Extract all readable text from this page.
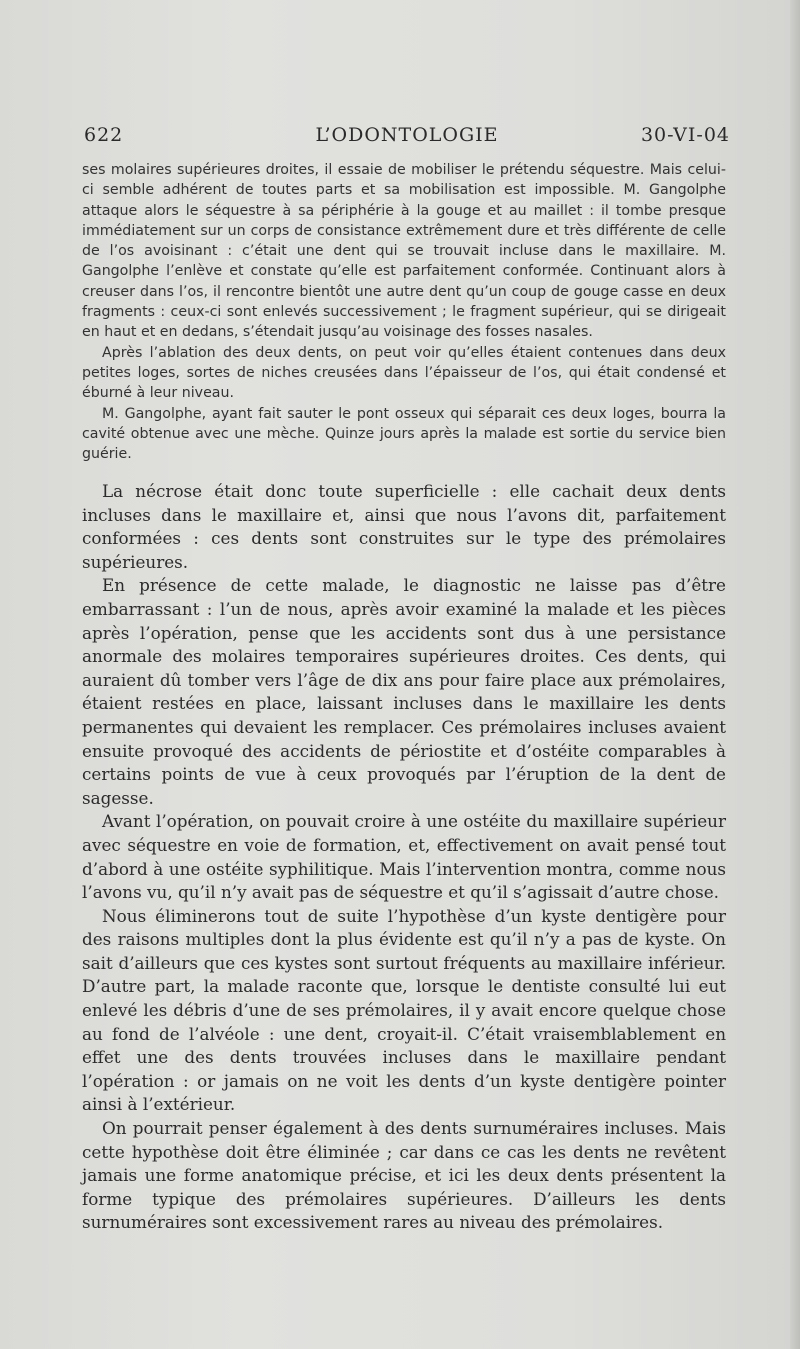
L’ODONTOLOGIE
622	30-VI-04

ses molaires supérieures droites, il essaie de mobiliser le prétendu séquestre. Mais celui-ci semble adhérent de toutes parts et sa mobilisation est impossible. M. Gangolphe attaque alors le séquestre à sa périphérie à la gouge et au maillet : il tombe presque immédiatement sur un corps de consistance extrêmement dure et très différente de celle de l’os avoisinant : c’était une dent qui se trouvait incluse dans le maxillaire. M. Gangolphe l’enlève et constate qu’elle est parfaitement conformée. Continuant alors à creuser dans l’os, il rencontre bientôt une autre dent qu’un coup de gouge casse en deux fragments : ceux-ci sont enlevés successivement ; le fragment supérieur, qui se dirigeait en haut et en dedans, s’étendait jusqu’au voisinage des fosses nasales.

Après l’ablation des deux dents, on peut voir qu’elles étaient contenues dans deux petites loges, sortes de niches creusées dans l’épaisseur de l’os, qui était condensé et éburné à leur niveau.

M. Gangolphe, ayant fait sauter le pont osseux qui séparait ces deux loges, bourra la cavité obtenue avec une mèche. Quinze jours après la malade est sortie du service bien guérie.

La nécrose était donc toute superficielle : elle cachait deux dents incluses dans le maxillaire et, ainsi que nous l’avons dit, parfaitement conformées : ces dents sont construites sur le type des prémolaires supérieures.

En présence de cette malade, le diagnostic ne laisse pas d’être embarrassant : l’un de nous, après avoir examiné la malade et les pièces après l’opération, pense que les accidents sont dus à une persistance anormale des molaires temporaires supérieures droites. Ces dents, qui auraient dû tomber vers l’âge de dix ans pour faire place aux prémolaires, étaient restées en place, laissant incluses dans le maxillaire les dents permanentes qui devaient les remplacer. Ces prémolaires incluses avaient ensuite provoqué des accidents de périostite et d’ostéite comparables à certains points de vue à ceux provoqués par l’éruption de la dent de sagesse.

Avant l’opération, on pouvait croire à une ostéite du maxillaire supérieur avec séquestre en voie de formation, et, effectivement on avait pensé tout d’abord à une ostéite syphilitique. Mais l’intervention montra, comme nous l’avons vu, qu’il n’y avait pas de séquestre et qu’il s’agissait d’autre chose.

Nous éliminerons tout de suite l’hypothèse d’un kyste dentigère pour des raisons multiples dont la plus évidente est qu’il n’y a pas de kyste. On sait d’ailleurs que ces kystes sont surtout fréquents au maxillaire inférieur. D’autre part, la malade raconte que, lorsque le dentiste consulté lui eut enlevé les débris d’une de ses prémolaires, il y avait encore quelque chose au fond de l’alvéole : une dent, croyait-il. C’était vraisemblablement en effet une des dents trouvées incluses dans le maxillaire pendant l’opération : or jamais on ne voit les dents d’un kyste dentigère pointer ainsi à l’extérieur.

On pourrait penser également à des dents surnuméraires incluses. Mais cette hypothèse doit être éliminée ; car dans ce cas les dents ne revêtent jamais une forme anatomique précise, et ici les deux dents présentent la forme typique des prémolaires supérieures. D’ailleurs les dents surnuméraires sont excessivement rares au niveau des prémolaires.
